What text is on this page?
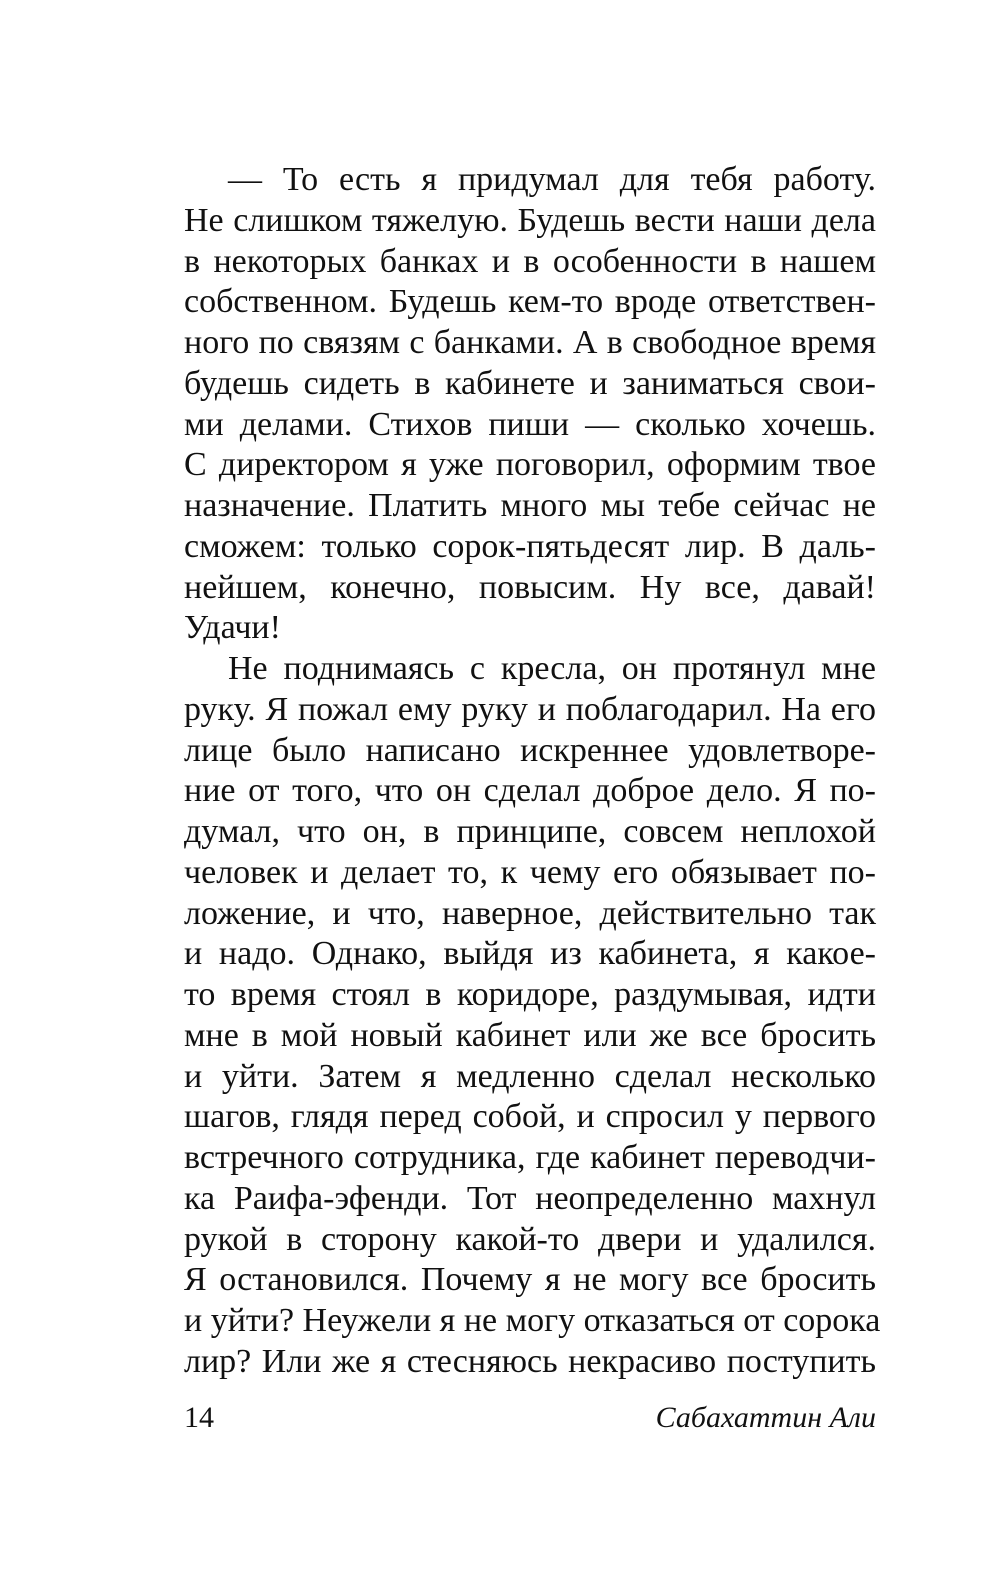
— То есть я придумал для тебя работу.
Не слишком тяжелую. Будешь вести наши дела
в некоторых банках и в особенности в нашем
собственном. Будешь кем-то вроде ответствен-
ного по связям с банками. А в свободное время
будешь сидеть в кабинете и заниматься свои-
ми делами. Стихов пиши — сколько хочешь.
С директором я уже поговорил, оформим твое
назначение. Платить много мы тебе сейчас не
сможем: только сорок-пятьдесят лир. В даль-
нейшем, конечно, повысим. Ну все, давай!
Удачи!
Не поднимаясь с кресла, он протянул мне
руку. Я пожал ему руку и поблагодарил. На его
лице было написано искреннее удовлетворе-
ние от того, что он сделал доброе дело. Я по-
думал, что он, в принципе, совсем неплохой
человек и делает то, к чему его обязывает по-
ложение, и что, наверное, действительно так
и надо. Однако, выйдя из кабинета, я какое-
то время стоял в коридоре, раздумывая, идти
мне в мой новый кабинет или же все бросить
и уйти. Затем я медленно сделал несколько
шагов, глядя перед собой, и спросил у первого
встречного сотрудника, где кабинет переводчи-
ка Раифа-эфенди. Тот неопределенно махнул
рукой в сторону какой-то двери и удалился.
Я остановился. Почему я не могу все бросить
и уйти? Неужели я не могу отказаться от сорока
лир? Или же я стесняюсь некрасиво поступить
14	Сабахаттин Али
